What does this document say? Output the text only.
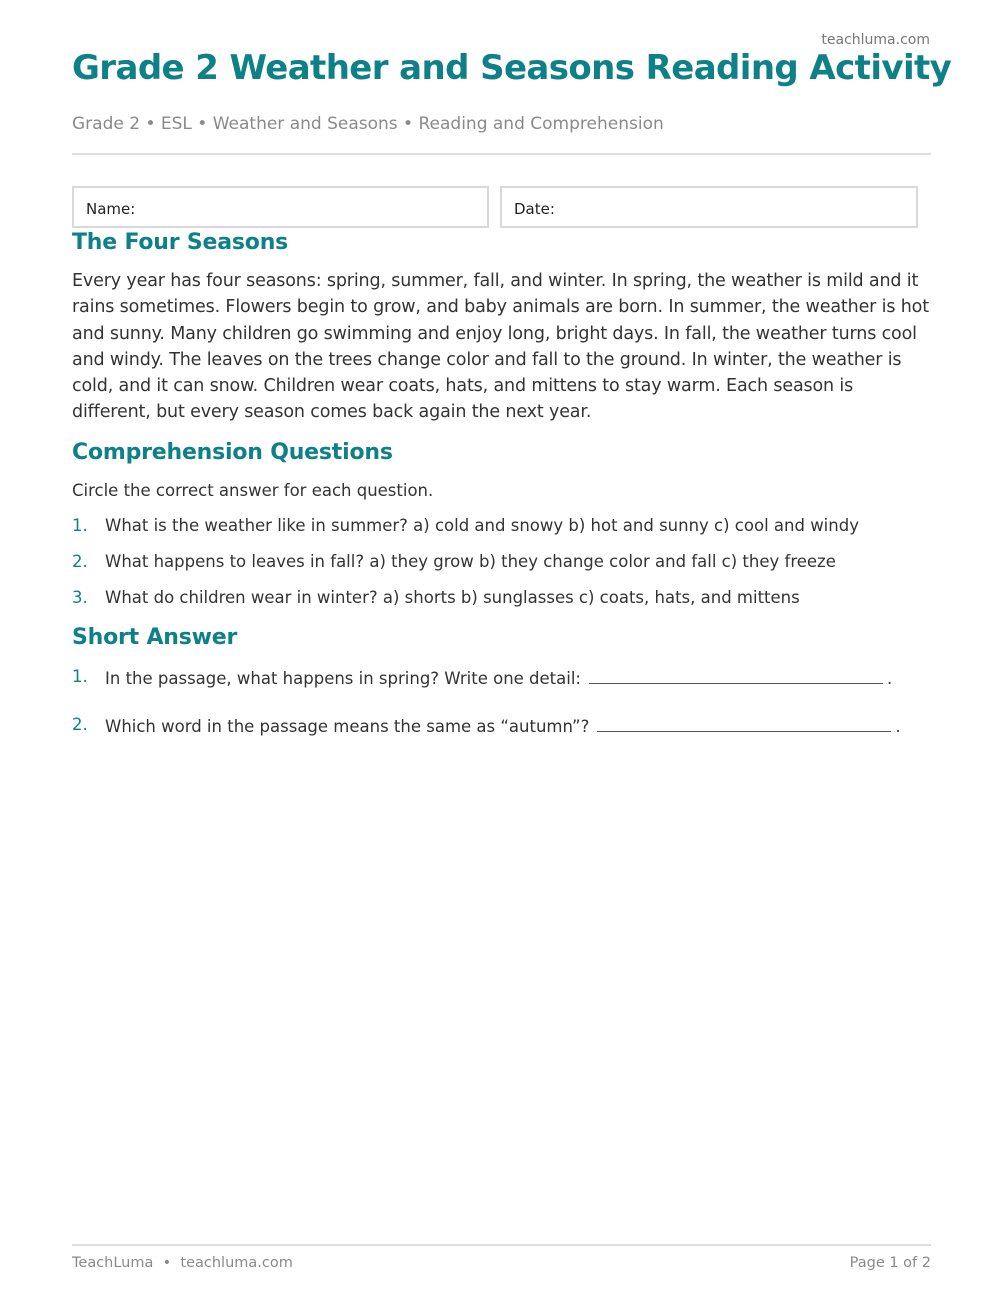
teachluma.com
Grade 2 Weather and Seasons Reading Activity
Grade 2 • ESL • Weather and Seasons • Reading and Comprehension
Name:	Date:
The Four Seasons

Every year has four seasons: spring, summer, fall, and winter. In spring, the weather is mild and it rains sometimes. Flowers begin to grow, and baby animals are born. In summer, the weather is hot and sunny. Many children go swimming and enjoy long, bright days. In fall, the weather turns cool and windy. The leaves on the trees change color and fall to the ground. In winter, the weather is cold, and it can snow. Children wear coats, hats, and mittens to stay warm. Each season is different, but every season comes back again the next year.

Comprehension Questions
Circle the correct answer for each question.
1. What is the weather like in summer? a) cold and snowy b) hot and sunny c) cool and windy
2. What happens to leaves in fall? a) they grow b) they change color and fall c) they freeze
3. What do children wear in winter? a) shorts b) sunglasses c) coats, hats, and mittens
Short Answer
1. In the passage, what happens in spring? Write one detail:	.
2. Which word in the passage means the same as “autumn”?	.
TeachLuma • teachluma.com	Page 1 of 2
